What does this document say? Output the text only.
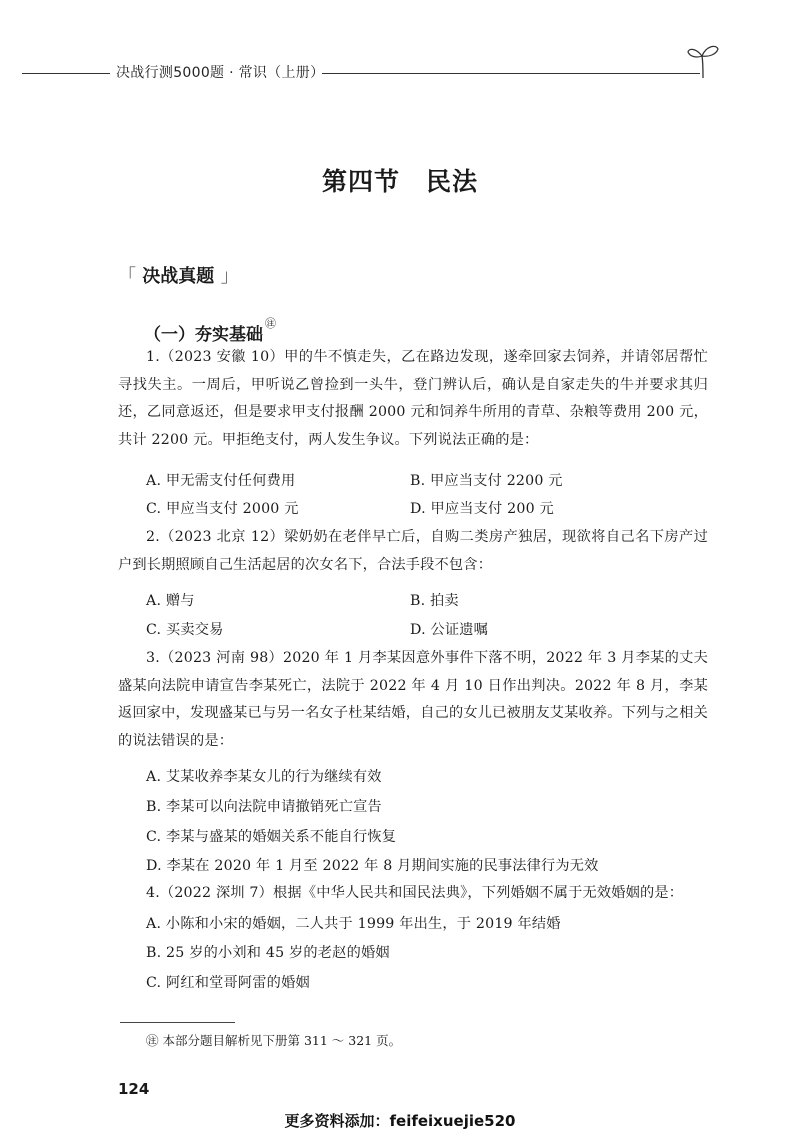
决战行测5000题 · 常识（上册）
第四节　民法
「 决战真题 」
（一）夯实基础㊟
1.（2023 安徽 10）甲的牛不慎走失，乙在路边发现，遂牵回家去饲养，并请邻居帮忙寻找失主。一周后，甲听说乙曾捡到一头牛，登门辨认后，确认是自家走失的牛并要求其归还，乙同意返还，但是要求甲支付报酬 2000 元和饲养牛所用的青草、杂粮等费用 200 元，共计 2200 元。甲拒绝支付，两人发生争议。下列说法正确的是：
A. 甲无需支付任何费用	B. 甲应当支付 2200 元
C. 甲应当支付 2000 元	D. 甲应当支付 200 元
2.（2023 北京 12）梁奶奶在老伴早亡后，自购二类房产独居，现欲将自己名下房产过户到长期照顾自己生活起居的次女名下，合法手段不包含：
A. 赠与	B. 拍卖
C. 买卖交易	D. 公证遗嘱
3.（2023 河南 98）2020 年 1 月李某因意外事件下落不明，2022 年 3 月李某的丈夫盛某向法院申请宣告李某死亡，法院于 2022 年 4 月 10 日作出判决。2022 年 8 月，李某返回家中，发现盛某已与另一名女子杜某结婚，自己的女儿已被朋友艾某收养。下列与之相关的说法错误的是：
A. 艾某收养李某女儿的行为继续有效
B. 李某可以向法院申请撤销死亡宣告
C. 李某与盛某的婚姻关系不能自行恢复
D. 李某在 2020 年 1 月至 2022 年 8 月期间实施的民事法律行为无效
4.（2022 深圳 7）根据《中华人民共和国民法典》，下列婚姻不属于无效婚姻的是：
A. 小陈和小宋的婚姻，二人共于 1999 年出生，于 2019 年结婚
B. 25 岁的小刘和 45 岁的老赵的婚姻
C. 阿红和堂哥阿雷的婚姻
㊟ 本部分题目解析见下册第 311 ～ 321 页。
124
更多资料添加：feifeixuejie520
